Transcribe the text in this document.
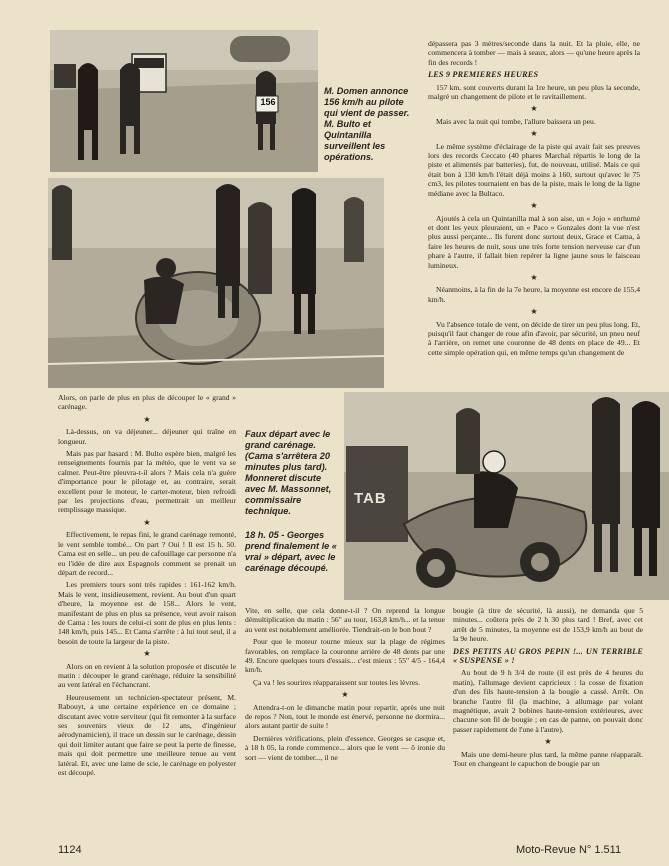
156
M. Domen annonce 156 km/h au pilote qui vient de passer. M. Bulto et Quintanilla surveillent les opérations.
TAB

dépassera pas 3 mètres/seconde dans la nuit. Et la pluie, elle, ne commencera à tomber — mais à seaux, alors — qu'une heure après la fin des records !

LES 9 PREMIERES HEURES

157 km. sont couverts durant la 1re heure, un peu plus la seconde, malgré un changement de pilote et le ravitaillement.

★

Mais avec la nuit qui tombe, l'allure baissera un peu.

★

Le même système d'éclairage de la piste qui avait fait ses preuves lors des records Ceccato (40 phares Marchal répartis le long de la piste et alimentés par batteries), fut, de nouveau, utilisé. Mais ce qui était bon à 130 km/h l'était déjà moins à 160, surtout qu'avec le 75 cm3, les pilotes tournaient en bas de la piste, mais le long de la ligne médiane avec la Bultaco.

★

Ajoutés à cela un Quintanilla mal à son aise, un « Jojo » enrhumé et dont les yeux pleuraient, un « Paco » Gonzales dont la vue n'est plus aussi perçante... Ils furent donc surtout deux, Grace et Cama, à faire les heures de nuit, sous une très forte tension nerveuse car d'un phare à l'autre, il fallait bien repérer la ligne jaune sous le faisceau lumineux.

★

Néanmoins, à la fin de la 7e heure, la moyenne est encore de 155,4 km/h.

★

Vu l'absence totale de vent, on décide de tirer un peu plus long. Et, puisqu'il faut changer de roue afin d'avoir, par sécurité, un pneu neuf à l'arrière, on remet une couronne de 48 dents en place de 49... Et cette simple opération qui, en même temps qu'un changement de

Alors, on parle de plus en plus de découper le « grand » carénage.

★

Là-dessus, on va déjeuner... déjeuner qui traîne en longueur.

Mais pas par hasard : M. Bulto espère bien, malgré les renseignements fournis par la météo, que le vent va se calmer. Peut-être pleuvra-t-il alors ? Mais cela n'a guère d'importance pour le pilotage et, au contraire, serait excellent pour le moteur, le carter-moteur, bien refroidi par les projections d'eau, permettrait un meilleur remplissage massique.

★

Effectivement, le repas fini, le grand carénage remonté, le vent semble tombé... On part ? Oui ! Il est 15 h. 50. Cama est en selle... un peu de cafouillage car personne n'a eu l'idée de dire aux Espagnols comment se prenait un départ de record...

Les premiers tours sont très rapides : 161-162 km/h. Mais le vent, insidieusement, revient. Au bout d'un quart d'heure, la moyenne est de 158... Alors le vent, manifestant de plus en plus sa présence, veut avoir raison de Cama : les tours de celui-ci sont de plus en plus lents : 148 km/h, puis 145... Et Cama s'arrête : à lui tout seul, il a besoin de toute la largeur de la piste.

★

Alors on en revient à la solution proposée et discutée le matin : découper le grand carénage, réduire la sensibilité au vent latéral en l'échancrant.

Heureusement un technicien-spectateur présent, M. Rabouyt, a une certaine expérience en ce domaine ; discutant avec votre serviteur (qui fit remonter à la surface ses souvenirs vieux de 12 ans, d'ingénieur aérodynamicien), il trace un dessin sur le carénage, dessin qui doit limiter autant que faire se peut la perte de finesse, mais qui doit permettre une meilleure tenue au vent latéral. Et, avec une lame de scie, le carénage en polyester est découpé.

Faux départ avec le grand carénage. (Cama s'arrêtera 20 minutes plus tard). Monneret discute avec M. Massonnet, commissaire technique.
18 h. 05 - Georges prend finalement le « vrai » départ, avec le carénage découpé.

Vite, en selle, que cela donne-t-il ? On reprend la longue démultiplication du matin : 56" au tour, 163,8 km/h... et la tenue au vent est notablement améliorée. Tiendrait-on le bon bout ?

Pour que le moteur tourne mieux sur la plage de régimes favorables, on remplace la couronne arrière de 48 dents par une 49. Encore quelques tours d'essais... c'est mieux : 55" 4/5 - 164,4 km/h.

Ça va ! les sourires réapparaissent sur toutes les lèvres.

★

Attendra-t-on le dimanche matin pour repartir, après une nuit de repos ? Non, tout le monde est énervé, personne ne dormira... alors autant partir de suite !

Dernières vérifications, plein d'essence. Georges se casque et, à 18 h 05, la ronde commence... alors que le vent — ô ironie du sort — vient de tomber..., il ne

bougie (à titre de sécurité, là aussi), ne demanda que 5 minutes... coûtera près de 2 h 30 plus tard ! Bref, avec cet arrêt de 5 minutes, la moyenne est de 153,9 km/h au bout de la 9e heure.

DES PETITS AU GROS PEPIN !... UN TERRIBLE « SUSPENSE » !

Au bout de 9 h 3/4 de route (il est près de 4 heures du matin), l'allumage devient capricieux : la cosse de fixation d'un des fils haute-tension à la bougie a cassé. Arrêt. On branche l'autre fil (la machine, à allumage par volant magnétique, avait 2 bobines haute-tension extérieures, avec chacune son fil de bougie ; en cas de panne, on pouvait donc passer rapidement de l'une à l'autre).

★

Mais une demi-heure plus tard, la même panne réapparaît. Tout en changeant le capuchon de bougie par un

1124	Moto-Revue N° 1.511
